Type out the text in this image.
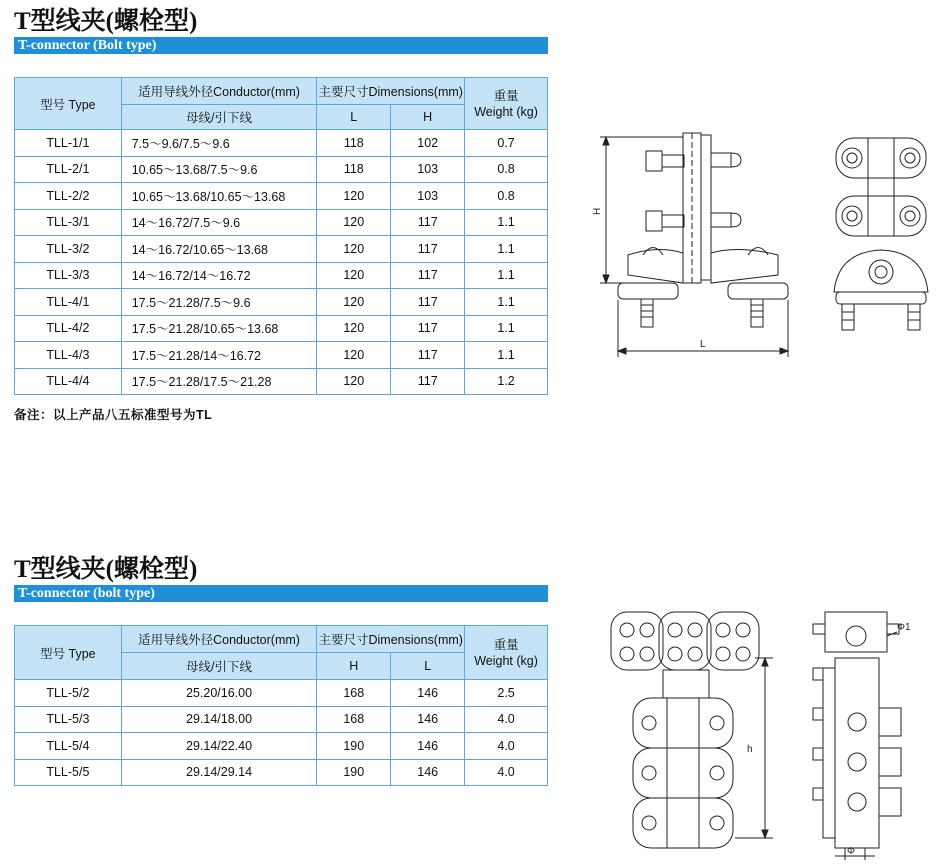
T型线夹(螺栓型)
T-connector (Bolt type)
型号 Type	适用导线外径Conductor(mm)	主要尺寸Dimensions(mm)		重量
Weight (kg)

	母线/引下线	L	H	
TLL-1/1	7.5～9.6/7.5～9.6	118	102	0.7
TLL-2/1	10.65～13.68/7.5～9.6	118	103	0.8
TLL-2/2	10.65～13.68/10.65～13.68	120	103	0.8
TLL-3/1	14～16.72/7.5～9.6	120	117	1.1
TLL-3/2	14～16.72/10.65～13.68	120	117	1.1
TLL-3/3	14～16.72/14～16.72	120	117	1.1
TLL-4/1	17.5～21.28/7.5～9.6	120	117	1.1
TLL-4/2	17.5～21.28/10.65～13.68	120	117	1.1
TLL-4/3	17.5～21.28/14～16.72	120	117	1.1
TLL-4/4	17.5～21.28/17.5～21.28	120	117	1.2
备注：以上产品八五标准型号为TL
H
L
T型线夹(螺栓型)
T-connector (bolt type)
型号 Type	适用导线外径Conductor(mm)	主要尺寸Dimensions(mm)		重量
Weight (kg)

	母线/引下线	H	L	
TLL-5/2	25.20/16.00	168	146	2.5
TLL-5/3	29.14/18.00	168	146	4.0
TLL-5/4	29.14/22.40	190	146	4.0
TLL-5/5	29.14/29.14	190	146	4.0
h
Φ1
Φ
